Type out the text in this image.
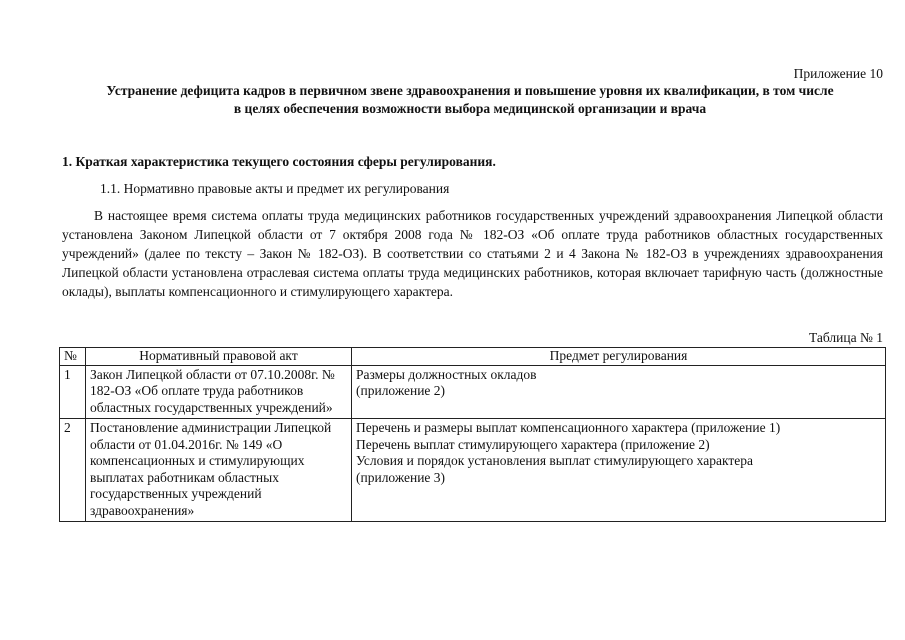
Приложение 10
Устранение дефицита кадров в первичном звене здравоохранения и повышение уровня их квалификации, в том числе
в целях обеспечения возможности выбора медицинской организации и врача
1. Краткая характеристика текущего состояния сферы регулирования.
1.1. Нормативно правовые акты и предмет их регулирования
В настоящее время система оплаты труда медицинских работников государственных учреждений здравоохранения Липецкой области установлена Законом Липецкой области от 7 октября 2008 года № 182-ОЗ «Об оплате труда работников областных государственных учреждений» (далее по тексту – Закон № 182-ОЗ). В соответствии со статьями 2 и 4 Закона № 182-ОЗ в учреждениях здравоохранения Липецкой области установлена отраслевая система оплаты труда медицинских работников, которая включает тарифную часть (должностные оклады), выплаты компенсационного и стимулирующего характера.
Таблица № 1
№	Нормативный правовой акт	Предмет регулирования
1	Закон Липецкой области от 07.10.2008г. № 182-ОЗ «Об оплате труда работников областных государственных учреждений»	Размеры должностных окладов
(приложение 2)

2	Постановление администрации Липецкой области от 01.04.2016г. № 149 «О компенсационных и стимулирующих выплатах работникам областных государственных учреждений здравоохранения»	Перечень и размеры выплат компенсационного характера (приложение 1)
Перечень выплат стимулирующего характера (приложение 2)
Условия и порядок установления выплат стимулирующего характера
(приложение 3)
